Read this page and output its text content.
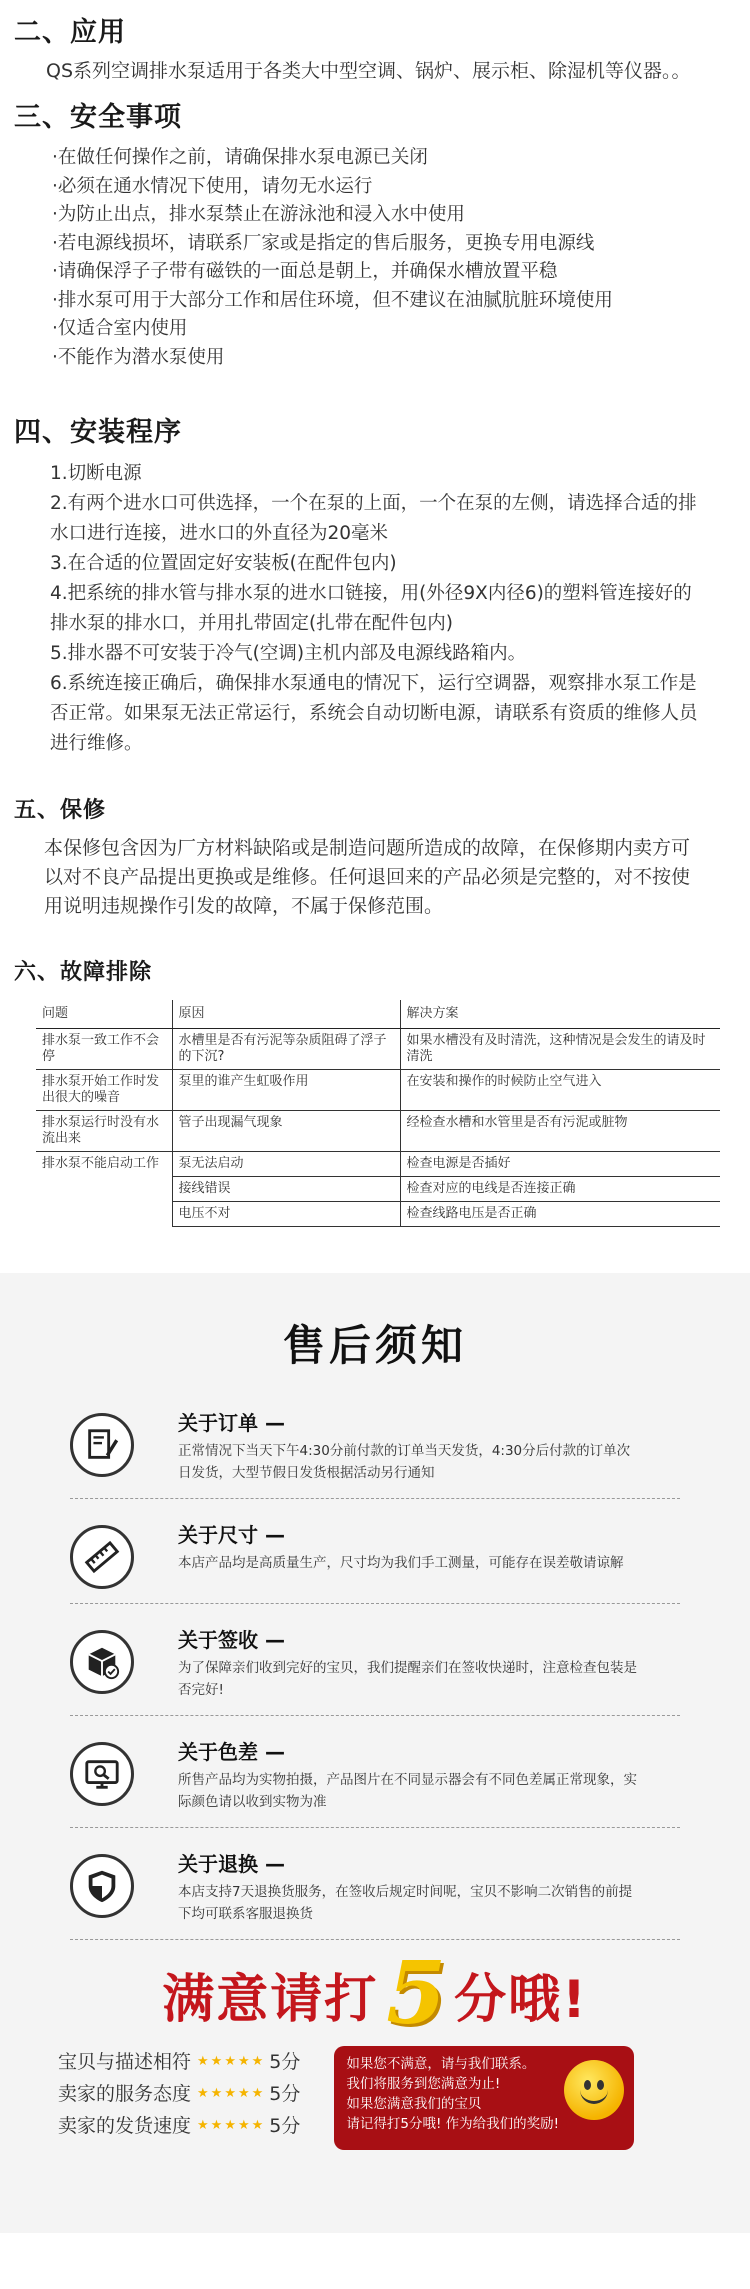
二、应用

QS系列空调排水泵适用于各类大中型空调、锅炉、展示柜、除湿机等仪器。。

三、安全事项
·在做任何操作之前，请确保排水泵电源已关闭
·必须在通水情况下使用，请勿无水运行
·为防止出点，排水泵禁止在游泳池和浸入水中使用
·若电源线损坏，请联系厂家或是指定的售后服务，更换专用电源线
·请确保浮子子带有磁铁的一面总是朝上，并确保水槽放置平稳
·排水泵可用于大部分工作和居住环境，但不建议在油腻肮脏环境使用
·仅适合室内使用
·不能作为潜水泵使用
四、安装程序
1.切断电源
2.有两个进水口可供选择，一个在泵的上面，一个在泵的左侧，请选择合适的排水口进行连接，进水口的外直径为20毫米
3.在合适的位置固定好安装板(在配件包内)
4.把系统的排水管与排水泵的进水口链接，用(外径9X内径6)的塑料管连接好的排水泵的排水口，并用扎带固定(扎带在配件包内)
5.排水器不可安装于冷气(空调)主机内部及电源线路箱内。
6.系统连接正确后，确保排水泵通电的情况下，运行空调器，观察排水泵工作是否正常。如果泵无法正常运行，系统会自动切断电源，请联系有资质的维修人员进行维修。
五、保修

本保修包含因为厂方材料缺陷或是制造问题所造成的故障，在保修期内卖方可以对不良产品提出更换或是维修。任何退回来的产品必须是完整的，对不按使用说明违规操作引发的故障，不属于保修范围。

六、故障排除
问题	原因	解决方案
排水泵一致工作不会停	水槽里是否有污泥等杂质阻碍了浮子的下沉?	如果水槽没有及时清洗，这种情况是会发生的请及时清洗
排水泵开始工作时发出很大的噪音	泵里的谁产生虹吸作用	在安装和操作的时候防止空气进入
排水泵运行时没有水流出来	管子出现漏气现象	经检查水槽和水管里是否有污泥或脏物
排水泵不能启动工作	泵无法启动	检查电源是否插好
	接线错误	检查对应的电线是否连接正确
	电压不对	检查线路电压是否正确
售后须知
关于订单 —
正常情况下当天下午4:30分前付款的订单当天发货，4:30分后付款的订单次日发货，大型节假日发货根据活动另行通知
关于尺寸 —
本店产品均是高质量生产，尺寸均为我们手工测量，可能存在误差敬请谅解
关于签收 —
为了保障亲们收到完好的宝贝，我们提醒亲们在签收快递时，注意检查包装是否完好!
关于色差 —
所售产品均为实物拍摄，产品图片在不同显示器会有不同色差属正常现象，实际颜色请以收到实物为准
关于退换 —
本店支持7天退换货服务，在签收后规定时间呢，宝贝不影响二次销售的前提下均可联系客服退换货
满意请打 5 分哦!
宝贝与描述相符 ★★★★★ 5分
卖家的服务态度 ★★★★★ 5分
卖家的发货速度 ★★★★★ 5分
如果您不满意，请与我们联系。
我们将服务到您满意为止!
如果您满意我们的宝贝
请记得打5分哦! 作为给我们的奖励!
